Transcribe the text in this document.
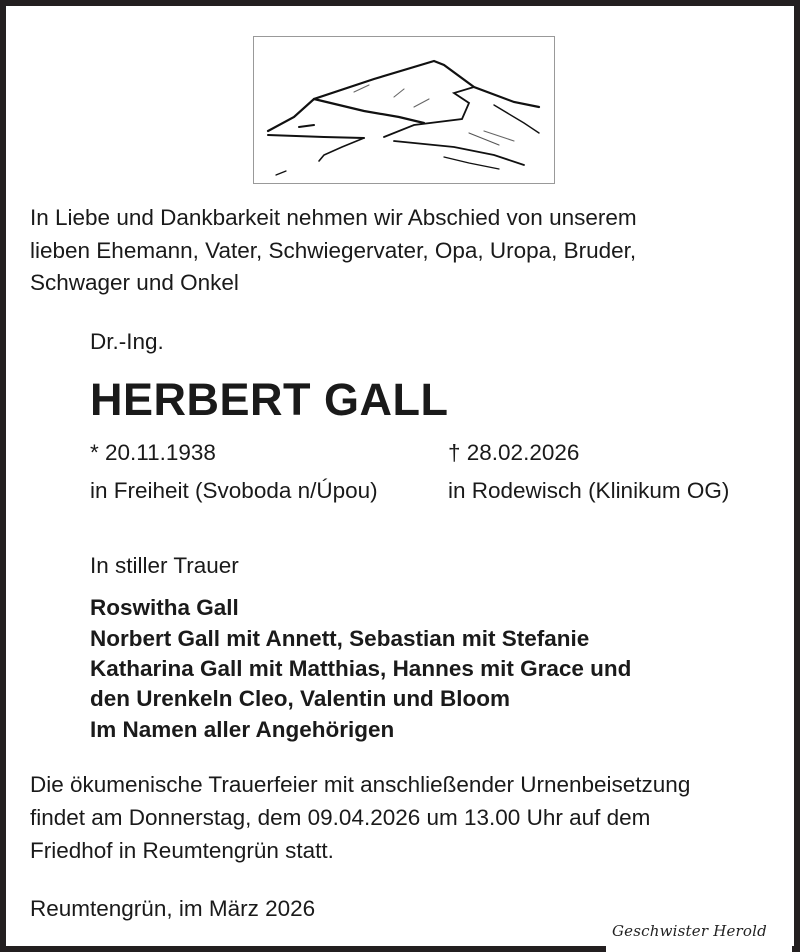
Geschwister Herold
In Liebe und Dankbarkeit nehmen wir Abschied von unserem
lieben Ehemann, Vater, Schwiegervater, Opa, Uropa, Bruder,
Schwager und Onkel
Dr.-Ing.
HERBERT GALL
* 20.11.1938
in Freiheit (Svoboda n/Úpou)
† 28.02.2026
in Rodewisch (Klinikum OG)
In stiller Trauer
Roswitha Gall
Norbert Gall mit Annett, Sebastian mit Stefanie
Katharina Gall mit Matthias, Hannes mit Grace und
den Urenkeln Cleo, Valentin und Bloom
Im Namen aller Angehörigen
Die ökumenische Trauerfeier mit anschließender Urnenbeisetzung
findet am Donnerstag, dem 09.04.2026 um 13.00 Uhr auf dem
Friedhof in Reumtengrün statt.
Reumtengrün, im März 2026
